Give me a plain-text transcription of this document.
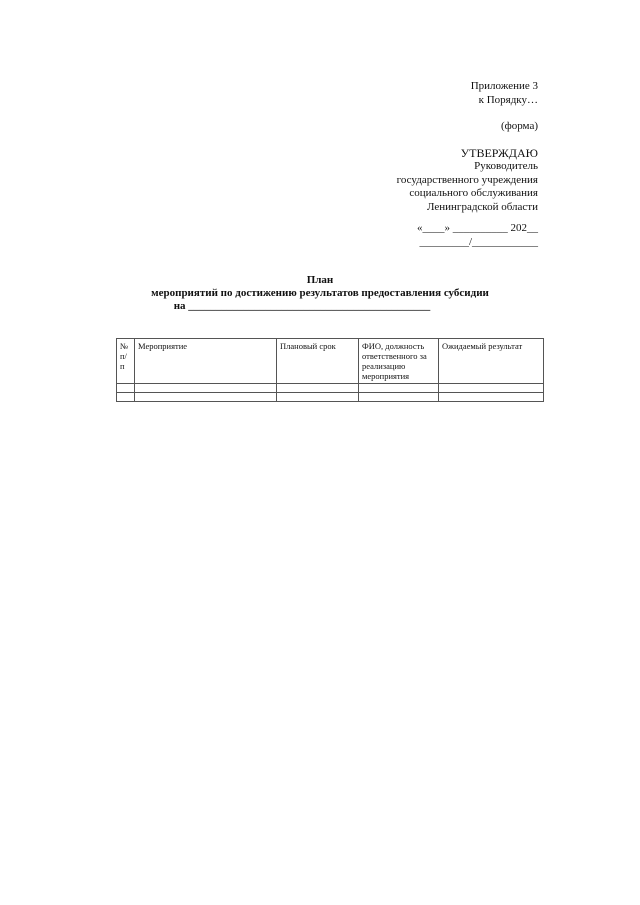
Приложение 3
к Порядку…
(форма)
УТВЕРЖДАЮ
Руководитель
государственного учреждения
социального обслуживания
Ленинградской области
«____» __________ 202__
_________/____________
План
мероприятий по достижению результатов предоставления субсидии
на ____________________________________________
№ п/п	Мероприятие	Плановый срок	ФИО, должность ответственного за реализацию мероприятия	Ожидаемый результат
